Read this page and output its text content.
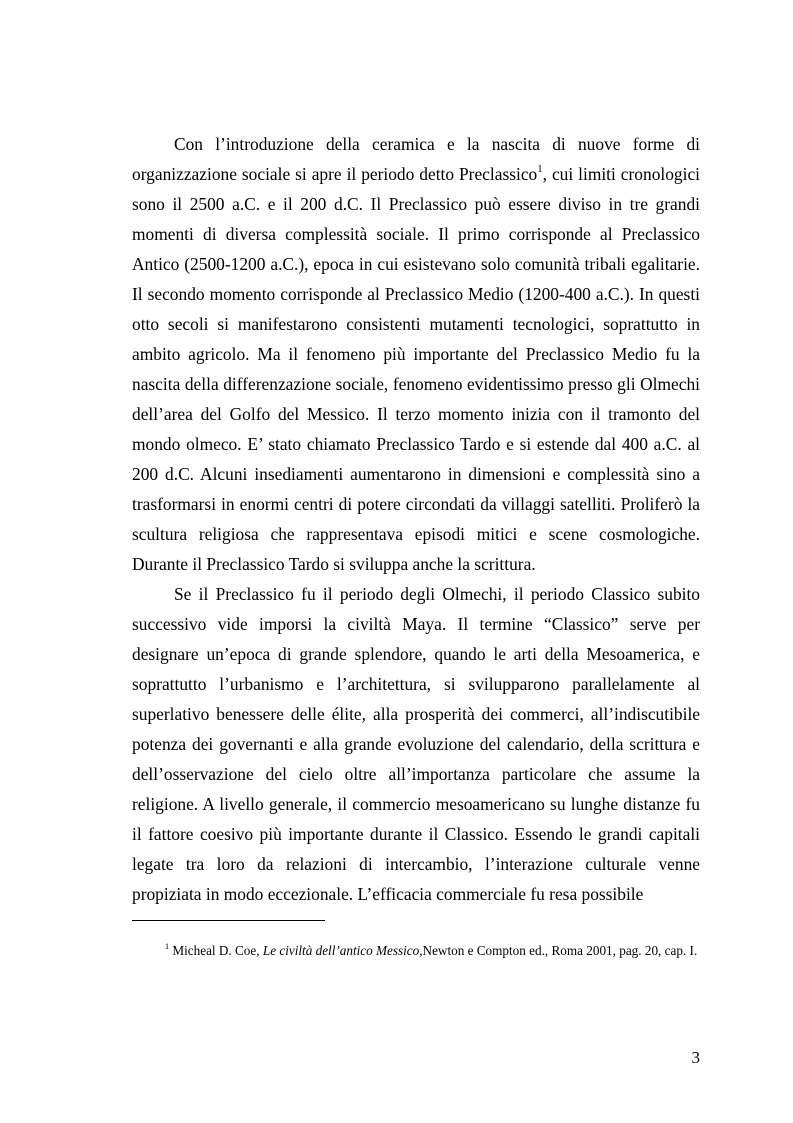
Con l’introduzione della ceramica e la nascita di nuove forme di organizzazione sociale si apre il periodo detto Preclassico$^1$, cui limiti cronologici sono il 2500 a.C. e il 200 d.C. Il Preclassico può essere diviso in tre grandi momenti di diversa complessità sociale. Il primo corrisponde al Preclassico Antico (2500-1200 a.C.), epoca in cui esistevano solo comunità tribali egalitarie. Il secondo momento corrisponde al Preclassico Medio (1200-400 a.C.). In questi otto secoli si manifestarono consistenti mutamenti tecnologici, soprattutto in ambito agricolo. Ma il fenomeno più importante del Preclassico Medio fu la nascita della differenzazione sociale, fenomeno evidentissimo presso gli Olmechi dell’area del Golfo del Messico. Il terzo momento inizia con il tramonto del mondo olmeco. E’ stato chiamato Preclassico Tardo e si estende dal 400 a.C. al 200 d.C. Alcuni insediamenti aumentarono in dimensioni e complessità sino a trasformarsi in enormi centri di potere circondati da villaggi satelliti. Proliferò la scultura religiosa che rappresentava episodi mitici e scene cosmologiche. Durante il Preclassico Tardo si sviluppa anche la scrittura.

Se il Preclassico fu il periodo degli Olmechi, il periodo Classico subito successivo vide imporsi la civiltà Maya. Il termine “Classico” serve per designare un’epoca di grande splendore, quando le arti della Mesoamerica, e soprattutto l’urbanismo e l’architettura, si svilupparono parallelamente al superlativo benessere delle élite, alla prosperità dei commerci, all’indiscutibile potenza dei governanti e alla grande evoluzione del calendario, della scrittura e dell’osservazione del cielo oltre all’importanza particolare che assume la religione. A livello generale, il commercio mesoamericano su lunghe distanze fu il fattore coesivo più importante durante il Classico. Essendo le grandi capitali legate tra loro da relazioni di intercambio, l’interazione culturale venne propiziata in modo eccezionale. L’efficacia commerciale fu resa possibile

$^1$ Micheal D. Coe, Le civiltà dell’antico Messico,Newton e Compton ed., Roma 2001, pag. 20, cap. I.
3
